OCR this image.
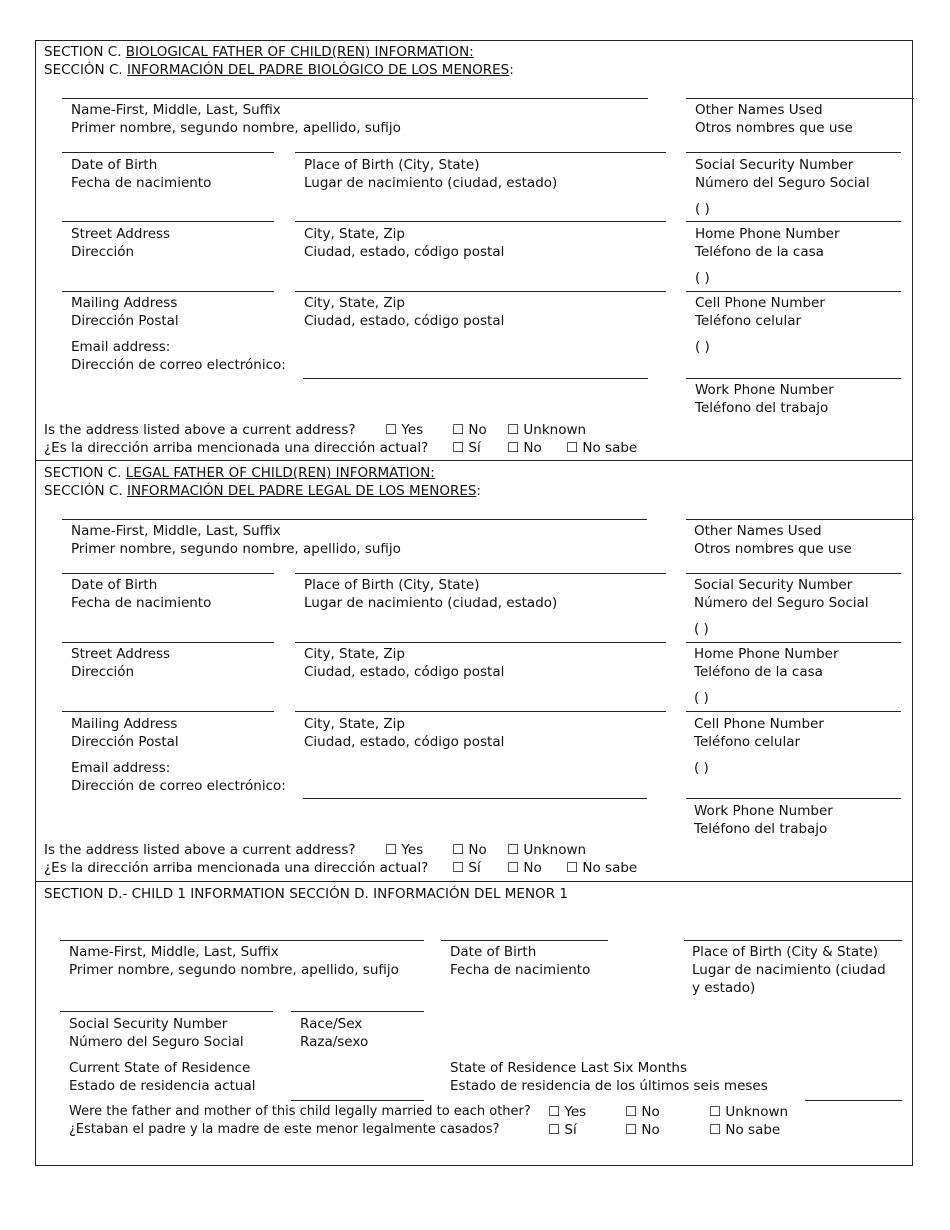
SECTION C. BIOLOGICAL FATHER OF CHILD(REN) INFORMATION:
SECCIÓN C. INFORMACIÓN DEL PADRE BIOLÓGICO DE LOS MENORES:
Name-First, Middle, Last, Suffix
Primer nombre, segundo nombre, apellido, sufijo
Other Names Used
Otros nombres que use
Date of Birth
Fecha de nacimiento
Place of Birth (City, State)
Lugar de nacimiento (ciudad, estado)
Social Security Number
Número del Seguro Social
( )
Street Address
Dirección
City, State, Zip
Ciudad, estado, código postal
Home Phone Number
Teléfono de la casa
( )
Mailing Address
Dirección Postal
City, State, Zip
Ciudad, estado, código postal
Cell Phone Number
Teléfono celular
( )
Email address:
Dirección de correo electrónico:
Work Phone Number
Teléfono del trabajo
Is the address listed above a current address?
¿Es la dirección arriba mencionada una dirección actual?
☐ Yes ☐ No ☐ Unknown
☐ Sí ☐ No ☐ No sabe
SECTION C. LEGAL FATHER OF CHILD(REN) INFORMATION:
SECCIÓN C. INFORMACIÓN DEL PADRE LEGAL DE LOS MENORES:
Name-First, Middle, Last, Suffix
Primer nombre, segundo nombre, apellido, sufijo
Other Names Used
Otros nombres que use
Date of Birth
Fecha de nacimiento
Place of Birth (City, State)
Lugar de nacimiento (ciudad, estado)
Social Security Number
Número del Seguro Social
( )
Street Address
Dirección
City, State, Zip
Ciudad, estado, código postal
Home Phone Number
Teléfono de la casa
( )
Mailing Address
Dirección Postal
City, State, Zip
Ciudad, estado, código postal
Cell Phone Number
Teléfono celular
( )
Email address:
Dirección de correo electrónico:
Work Phone Number
Teléfono del trabajo
Is the address listed above a current address?
¿Es la dirección arriba mencionada una dirección actual?
☐ Yes ☐ No ☐ Unknown
☐ Sí ☐ No ☐ No sabe
SECTION D.- CHILD 1 INFORMATION SECCIÓN D. INFORMACIÓN DEL MENOR 1
Name-First, Middle, Last, Suffix
Primer nombre, segundo nombre, apellido, sufijo
Date of Birth
Fecha de nacimiento
Place of Birth (City & State)
Lugar de nacimiento (ciudad
y estado)
Social Security Number
Número del Seguro Social
Race/Sex
Raza/sexo
Current State of Residence
Estado de residencia actual
State of Residence Last Six Months
Estado de residencia de los últimos seis meses
Were the father and mother of this child legally married to each other?
¿Estaban el padre y la madre de este menor legalmente casados?
☐ Yes	☐ No	☐ Unknown
☐ Sí	☐ No	☐ No sabe
